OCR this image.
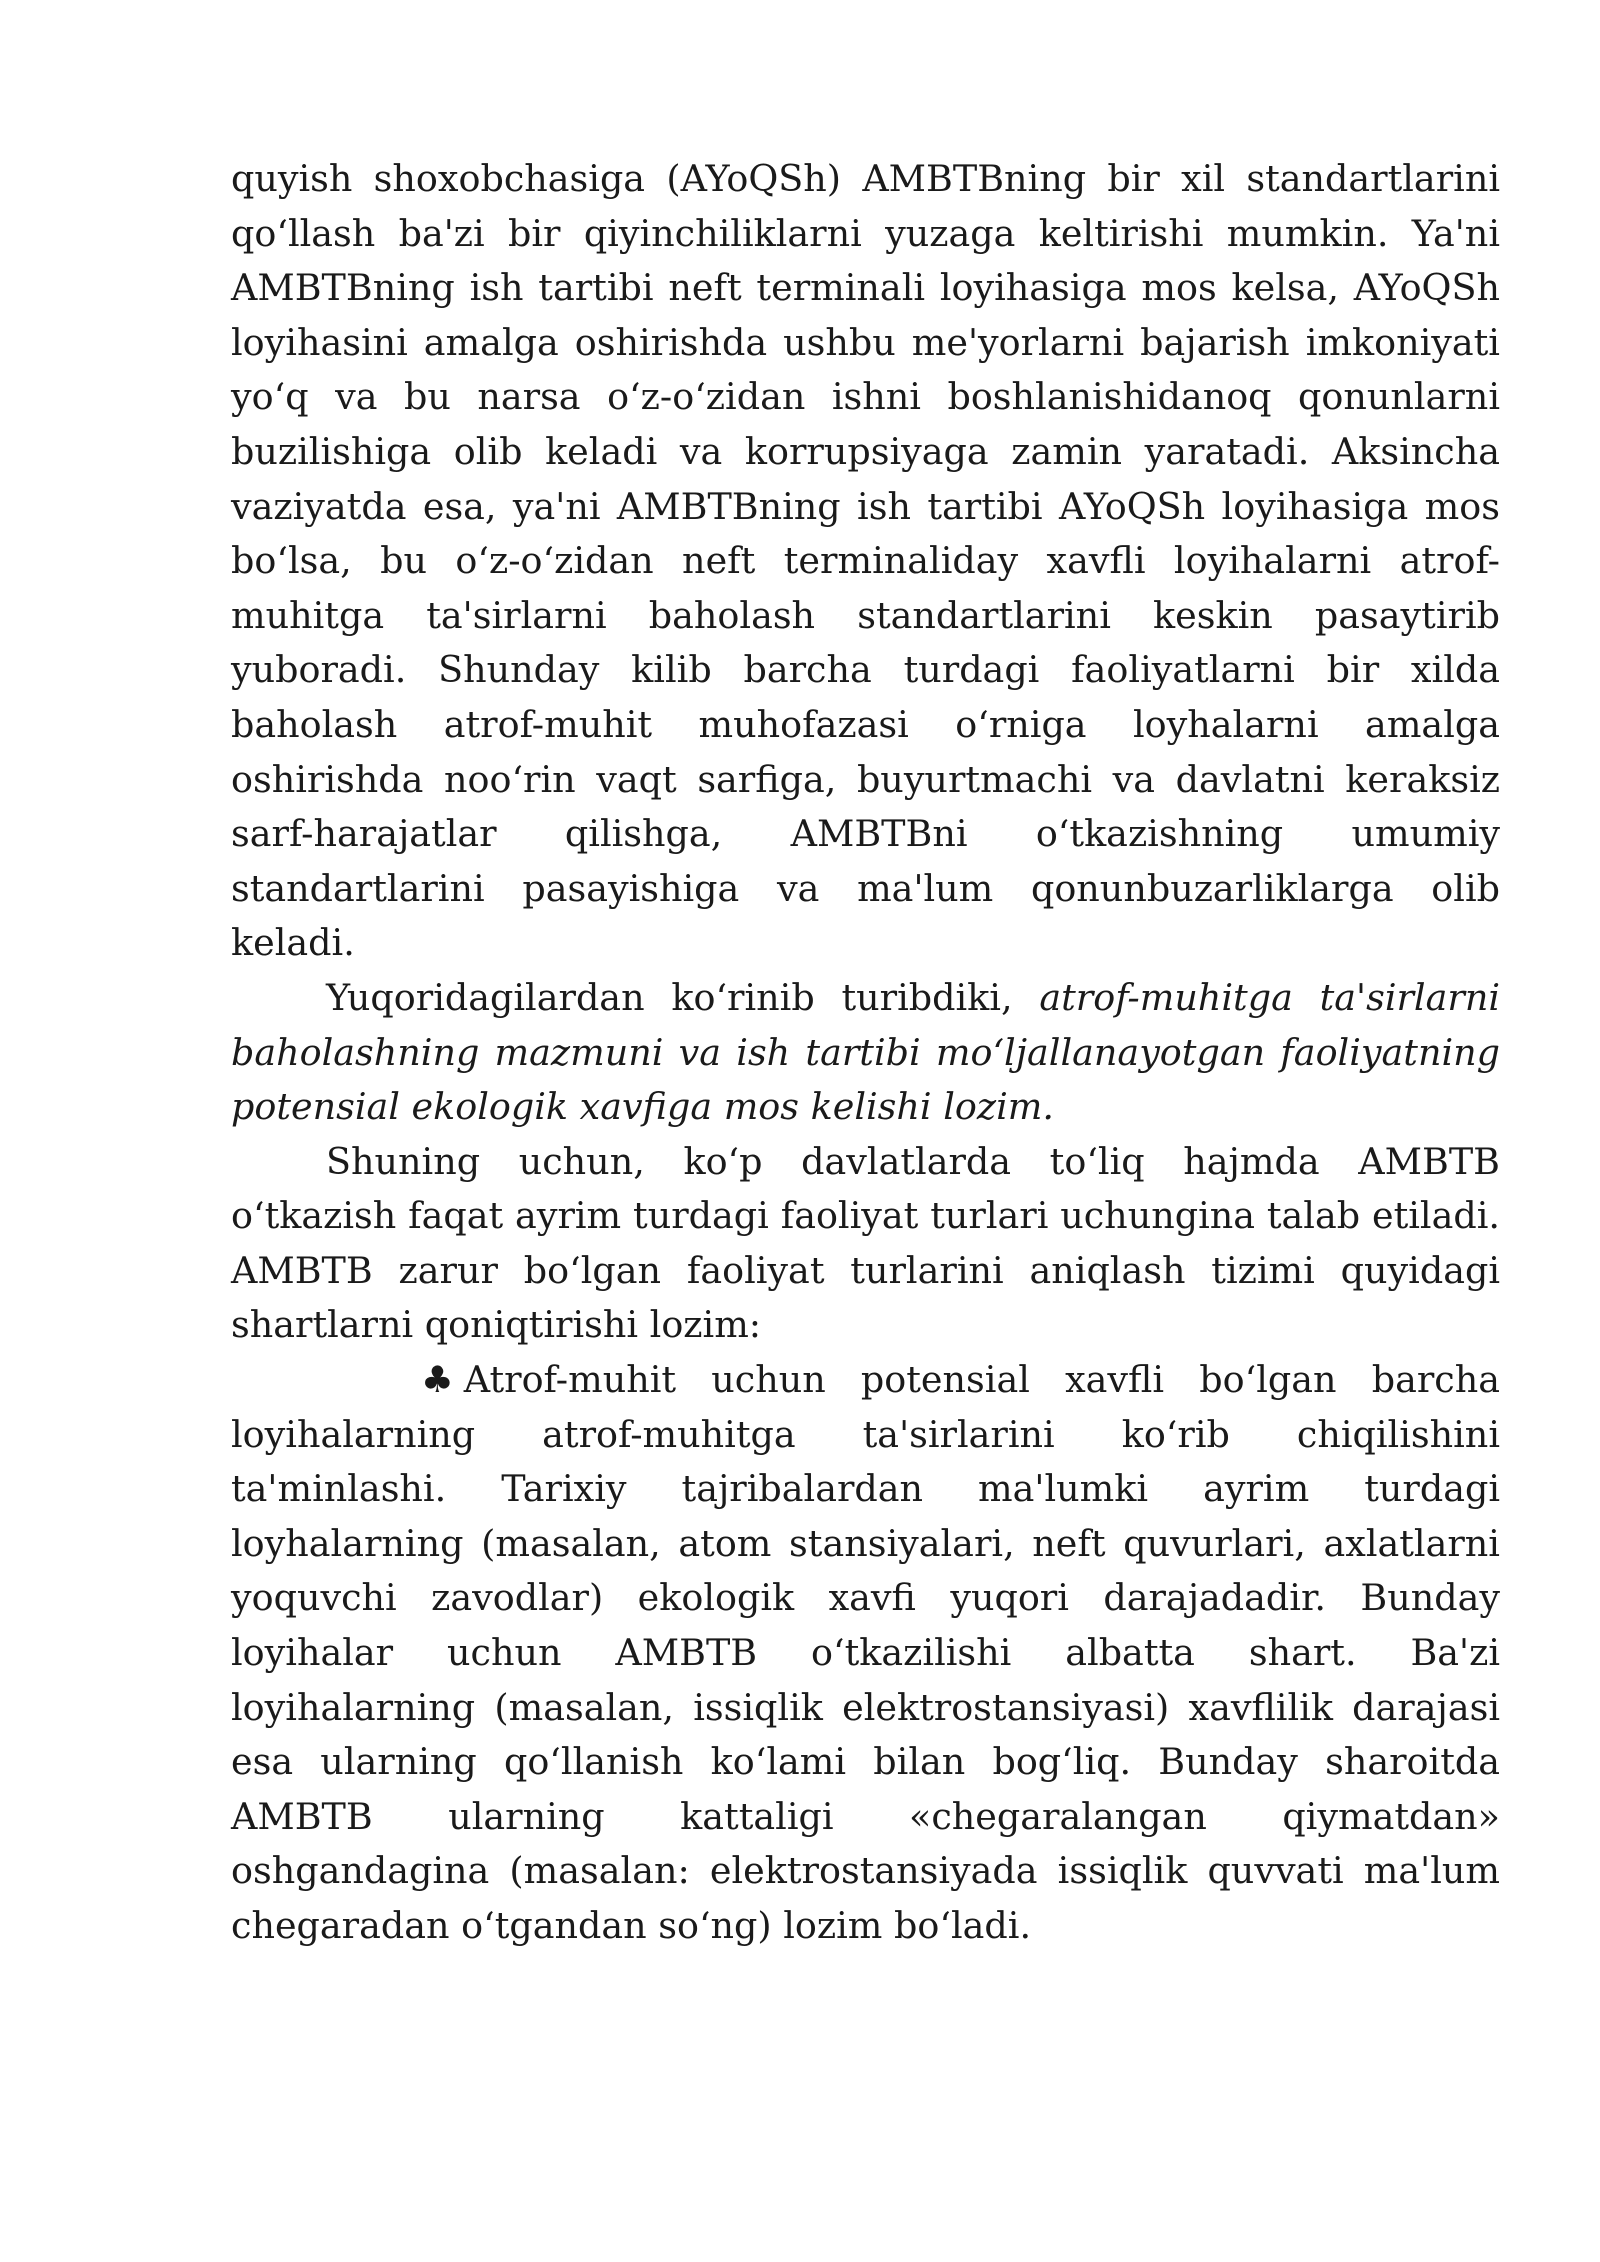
quyish shoxobchasiga (AYoQSh) AMBTBning bir xil standartlarini qo‘llash ba'zi bir qiyinchiliklarni yuzaga keltirishi mumkin. Ya'ni AMBTBning ish tartibi neft terminali loyihasiga mos kelsa, AYoQSh loyihasini amalga oshirishda ushbu me'yorlarni bajarish imkoniyati yo‘q va bu narsa o‘z-o‘zidan ishni boshlanishidanoq qonunlarni buzilishiga olib keladi va korrupsiyaga zamin yaratadi. Aksincha vaziyatda esa, ya'ni AMBTBning ish tartibi AYoQSh loyihasiga mos bo‘lsa, bu o‘z-o‘zidan neft terminaliday xavfli loyihalarni atrof-muhitga ta'sirlarni baholash standartlarini keskin pasaytirib yuboradi. Shunday kilib barcha turdagi faoliyatlarni bir xilda baholash atrof-muhit muhofazasi o‘rniga loyhalarni amalga oshirishda noo‘rin vaqt sarfiga, buyurtmachi va davlatni keraksiz sarf-harajatlar qilishga, AMBTBni o‘tkazishning umumiy standartlarini pasayishiga va ma'lum qonunbuzarliklarga olib keladi.

Yuqoridagilardan ko‘rinib turibdiki, atrof-muhitga ta'sirlarni baholashning mazmuni va ish tartibi mo‘ljallanayotgan faoliyatning potensial ekologik xavfiga mos kelishi lozim.

Shuning uchun, ko‘p davlatlarda to‘liq hajmda AMBTB o‘tkazish faqat ayrim turdagi faoliyat turlari uchungina talab etiladi. AMBTB zarur bo‘lgan faoliyat turlarini aniqlash tizimi quyidagi shartlarni qoniqtirishi lozim:

♣ Atrof-muhit uchun potensial xavfli bo‘lgan barcha loyihalarning atrof-muhitga ta'sirlarini ko‘rib chiqilishini ta'minlashi. Tarixiy tajribalardan ma'lumki ayrim turdagi loyhalarning (masalan, atom stansiyalari, neft quvurlari, axlatlarni yoquvchi zavodlar) ekologik xavfi yuqori darajadadir. Bunday loyihalar uchun AMBTB o‘tkazilishi albatta shart. Ba'zi loyihalarning (masalan, issiqlik elektrostansiyasi) xavflilik darajasi esa ularning qo‘llanish ko‘lami bilan bog‘liq. Bunday sharoitda AMBTB ularning kattaligi «chegaralangan qiymatdan» oshgandagina (masalan: elektrostansiyada issiqlik quvvati ma'lum chegaradan o‘tgandan so‘ng) lozim bo‘ladi.
